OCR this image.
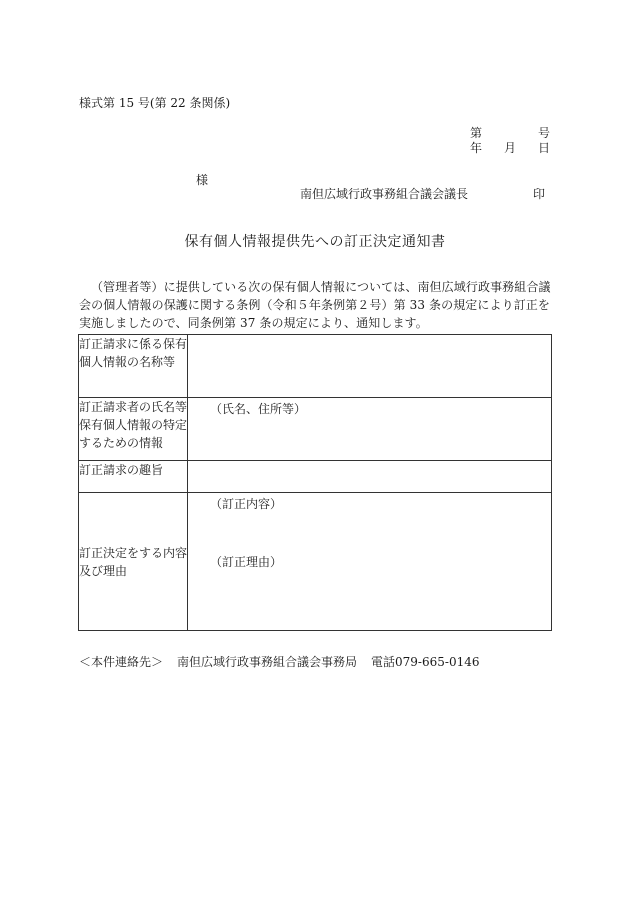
様式第 15 号(第 22 条関係)
第	号
年 月 日
様
南但広域行政事務組合議会議長	印
保有個人情報提供先への訂正決定通知書

（管理者等）に提供している次の保有個人情報については、南但広域行政事務組合議会の個人情報の保護に関する条例（令和５年条例第２号）第 33 条の規定により訂正を実施しましたので、同条例第 37 条の規定により、通知します。

訂正請求に係る保有個人情報の名称等	
訂正請求者の氏名等保有個人情報の特定するための情報	（氏名、住所等）

訂正請求の趣旨	
訂正決定をする内容及び理由	（訂正内容）
（訂正理由）
＜本件連絡先＞ 南但広域行政事務組合議会事務局 電話079-665-0146
